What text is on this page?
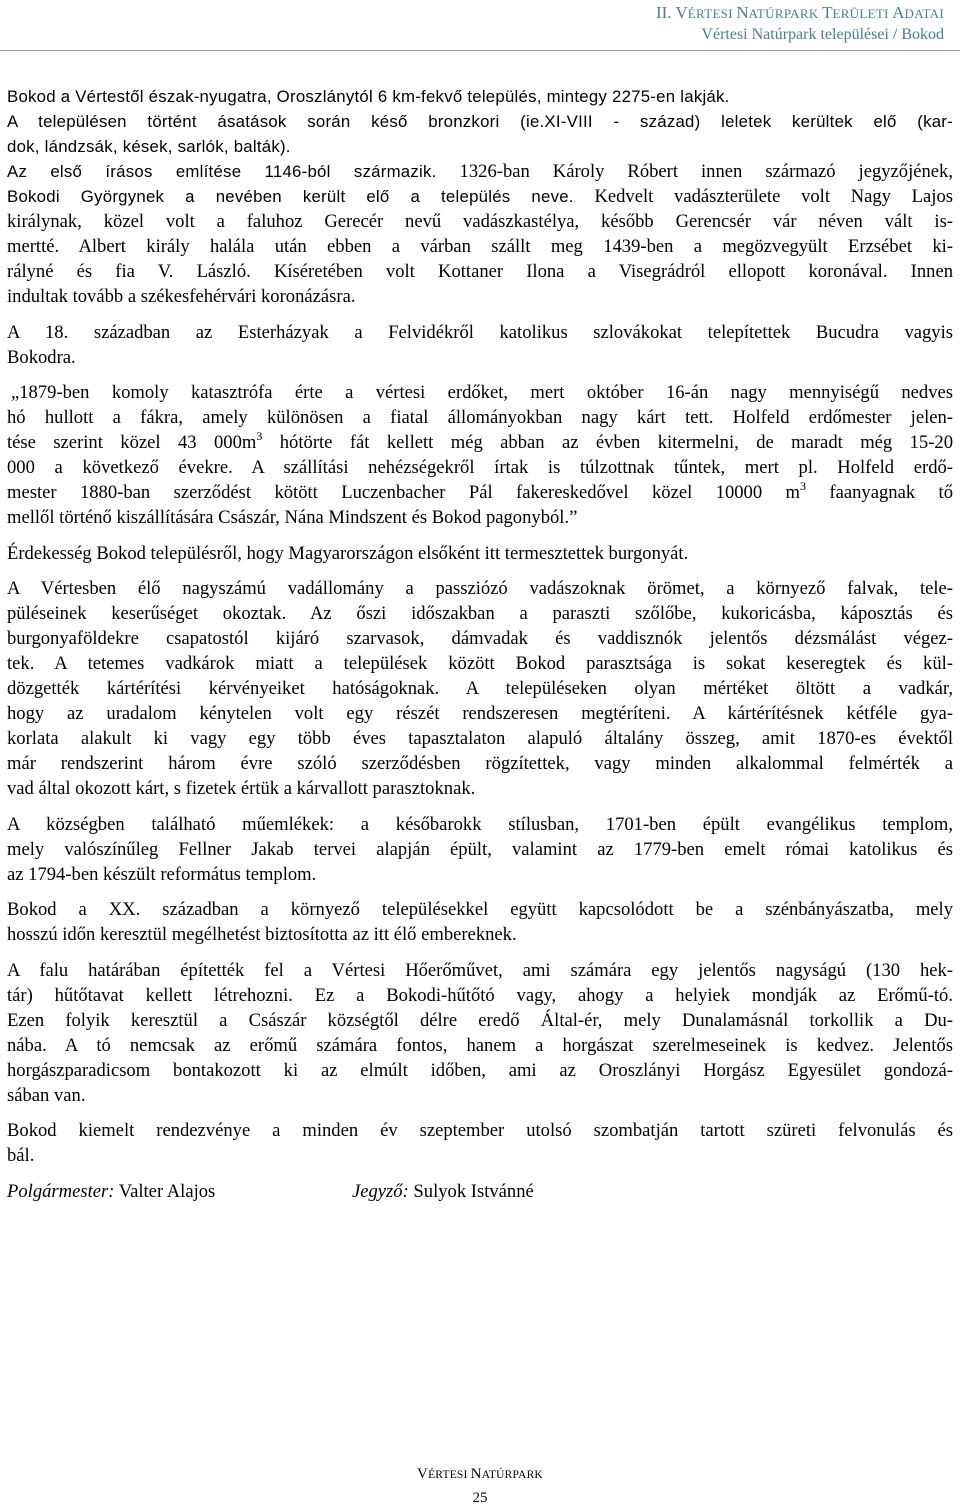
II. VÉRTESI NATÚRPARK TERÜLETI ADATAI
Vértesi Natúrpark települései / Bokod
Bokod a Vértestől észak-nyugatra, Oroszlánytól 6 km-fekvő település, mintegy 2275-en lakják.
A településen történt ásatások során késő bronzkori (ie.XI-VIII - század) leletek kerültek elő (kar-
dok, lándzsák, kések, sarlók, balták).
Az első írásos említése 1146-ból származik. 1326-ban Károly Róbert innen származó jegyzőjének,
Bokodi Györgynek a nevében került elő a település neve. Kedvelt vadászterülete volt Nagy Lajos
királynak, közel volt a faluhoz Gerecér nevű vadászkastélya, később Gerencsér vár néven vált is-
mertté. Albert király halála után ebben a várban szállt meg 1439-ben a megözvegyült Erzsébet ki-
rályné és fia V. László. Kíséretében volt Kottaner Ilona a Visegrádról ellopott koronával. Innen
indultak tovább a székesfehérvári koronázásra.
A 18. században az Esterházyak a Felvidékről katolikus szlovákokat telepítettek Bucudra vagyis
Bokodra.
„1879-ben komoly katasztrófa érte a vértesi erdőket, mert október 16-án nagy mennyiségű nedves
hó hullott a fákra, amely különösen a fiatal állományokban nagy kárt tett. Holfeld erdőmester jelen-
tése szerint közel 43 $000m^3$ hótörte fát kellett még abban az évben kitermelni, de maradt még 15-20
000 a következő évekre. A szállítási nehézségekről írtak is túlzottnak tűntek, mert pl. Holfeld erdő-
mester 1880-ban szerződést kötött Luczenbacher Pál fakereskedővel közel 10000 $m^3$ faanyagnak tő
mellől történő kiszállítására Császár, Nána Mindszent és Bokod pagonyból.”
Érdekesség Bokod településről, hogy Magyarországon elsőként itt termesztettek burgonyát.
A Vértesben élő nagyszámú vadállomány a passziózó vadászoknak örömet, a környező falvak, tele-
püléseinek keserűséget okoztak. Az őszi időszakban a paraszti szőlőbe, kukoricásba, káposztás és
burgonyaföldekre csapatostól kijáró szarvasok, dámvadak és vaddisznók jelentős dézsmálást végez-
tek. A tetemes vadkárok miatt a települések között Bokod parasztsága is sokat keseregtek és kül-
dözgették kártérítési kérvényeiket hatóságoknak. A településeken olyan mértéket öltött a vadkár,
hogy az uradalom kénytelen volt egy részét rendszeresen megtéríteni. A kártérítésnek kétféle gya-
korlata alakult ki vagy egy több éves tapasztalaton alapuló általány összeg, amit 1870-es évektől
már rendszerint három évre szóló szerződésben rögzítettek, vagy minden alkalommal felmérték a
vad által okozott kárt, s fizetek értük a kárvallott parasztoknak.
A községben található műemlékek: a későbarokk stílusban, 1701-ben épült evangélikus templom,
mely valószínűleg Fellner Jakab tervei alapján épült, valamint az 1779-ben emelt római katolikus és
az 1794-ben készült református templom.
Bokod a XX. században a környező településekkel együtt kapcsolódott be a szénbányászatba, mely
hosszú időn keresztül megélhetést biztosította az itt élő embereknek.
A falu határában építették fel a Vértesi Hőerőművet, ami számára egy jelentős nagyságú (130 hek-
tár) hűtőtavat kellett létrehozni. Ez a Bokodi-hűtőtó vagy, ahogy a helyiek mondják az Erőmű-tó.
Ezen folyik keresztül a Császár községtől délre eredő Által-ér, mely Dunalamásnál torkollik a Du-
nába. A tó nemcsak az erőmű számára fontos, hanem a horgászat szerelmeseinek is kedvez. Jelentős
horgászparadicsom bontakozott ki az elmúlt időben, ami az Oroszlányi Horgász Egyesület gondozá-
sában van.
Bokod kiemelt rendezvénye a minden év szeptember utolsó szombatján tartott szüreti felvonulás és
bál.
Polgármester: Valter Alajos	Jegyző: Sulyok Istvánné
VÉRTESI NATÚRPARK
25
